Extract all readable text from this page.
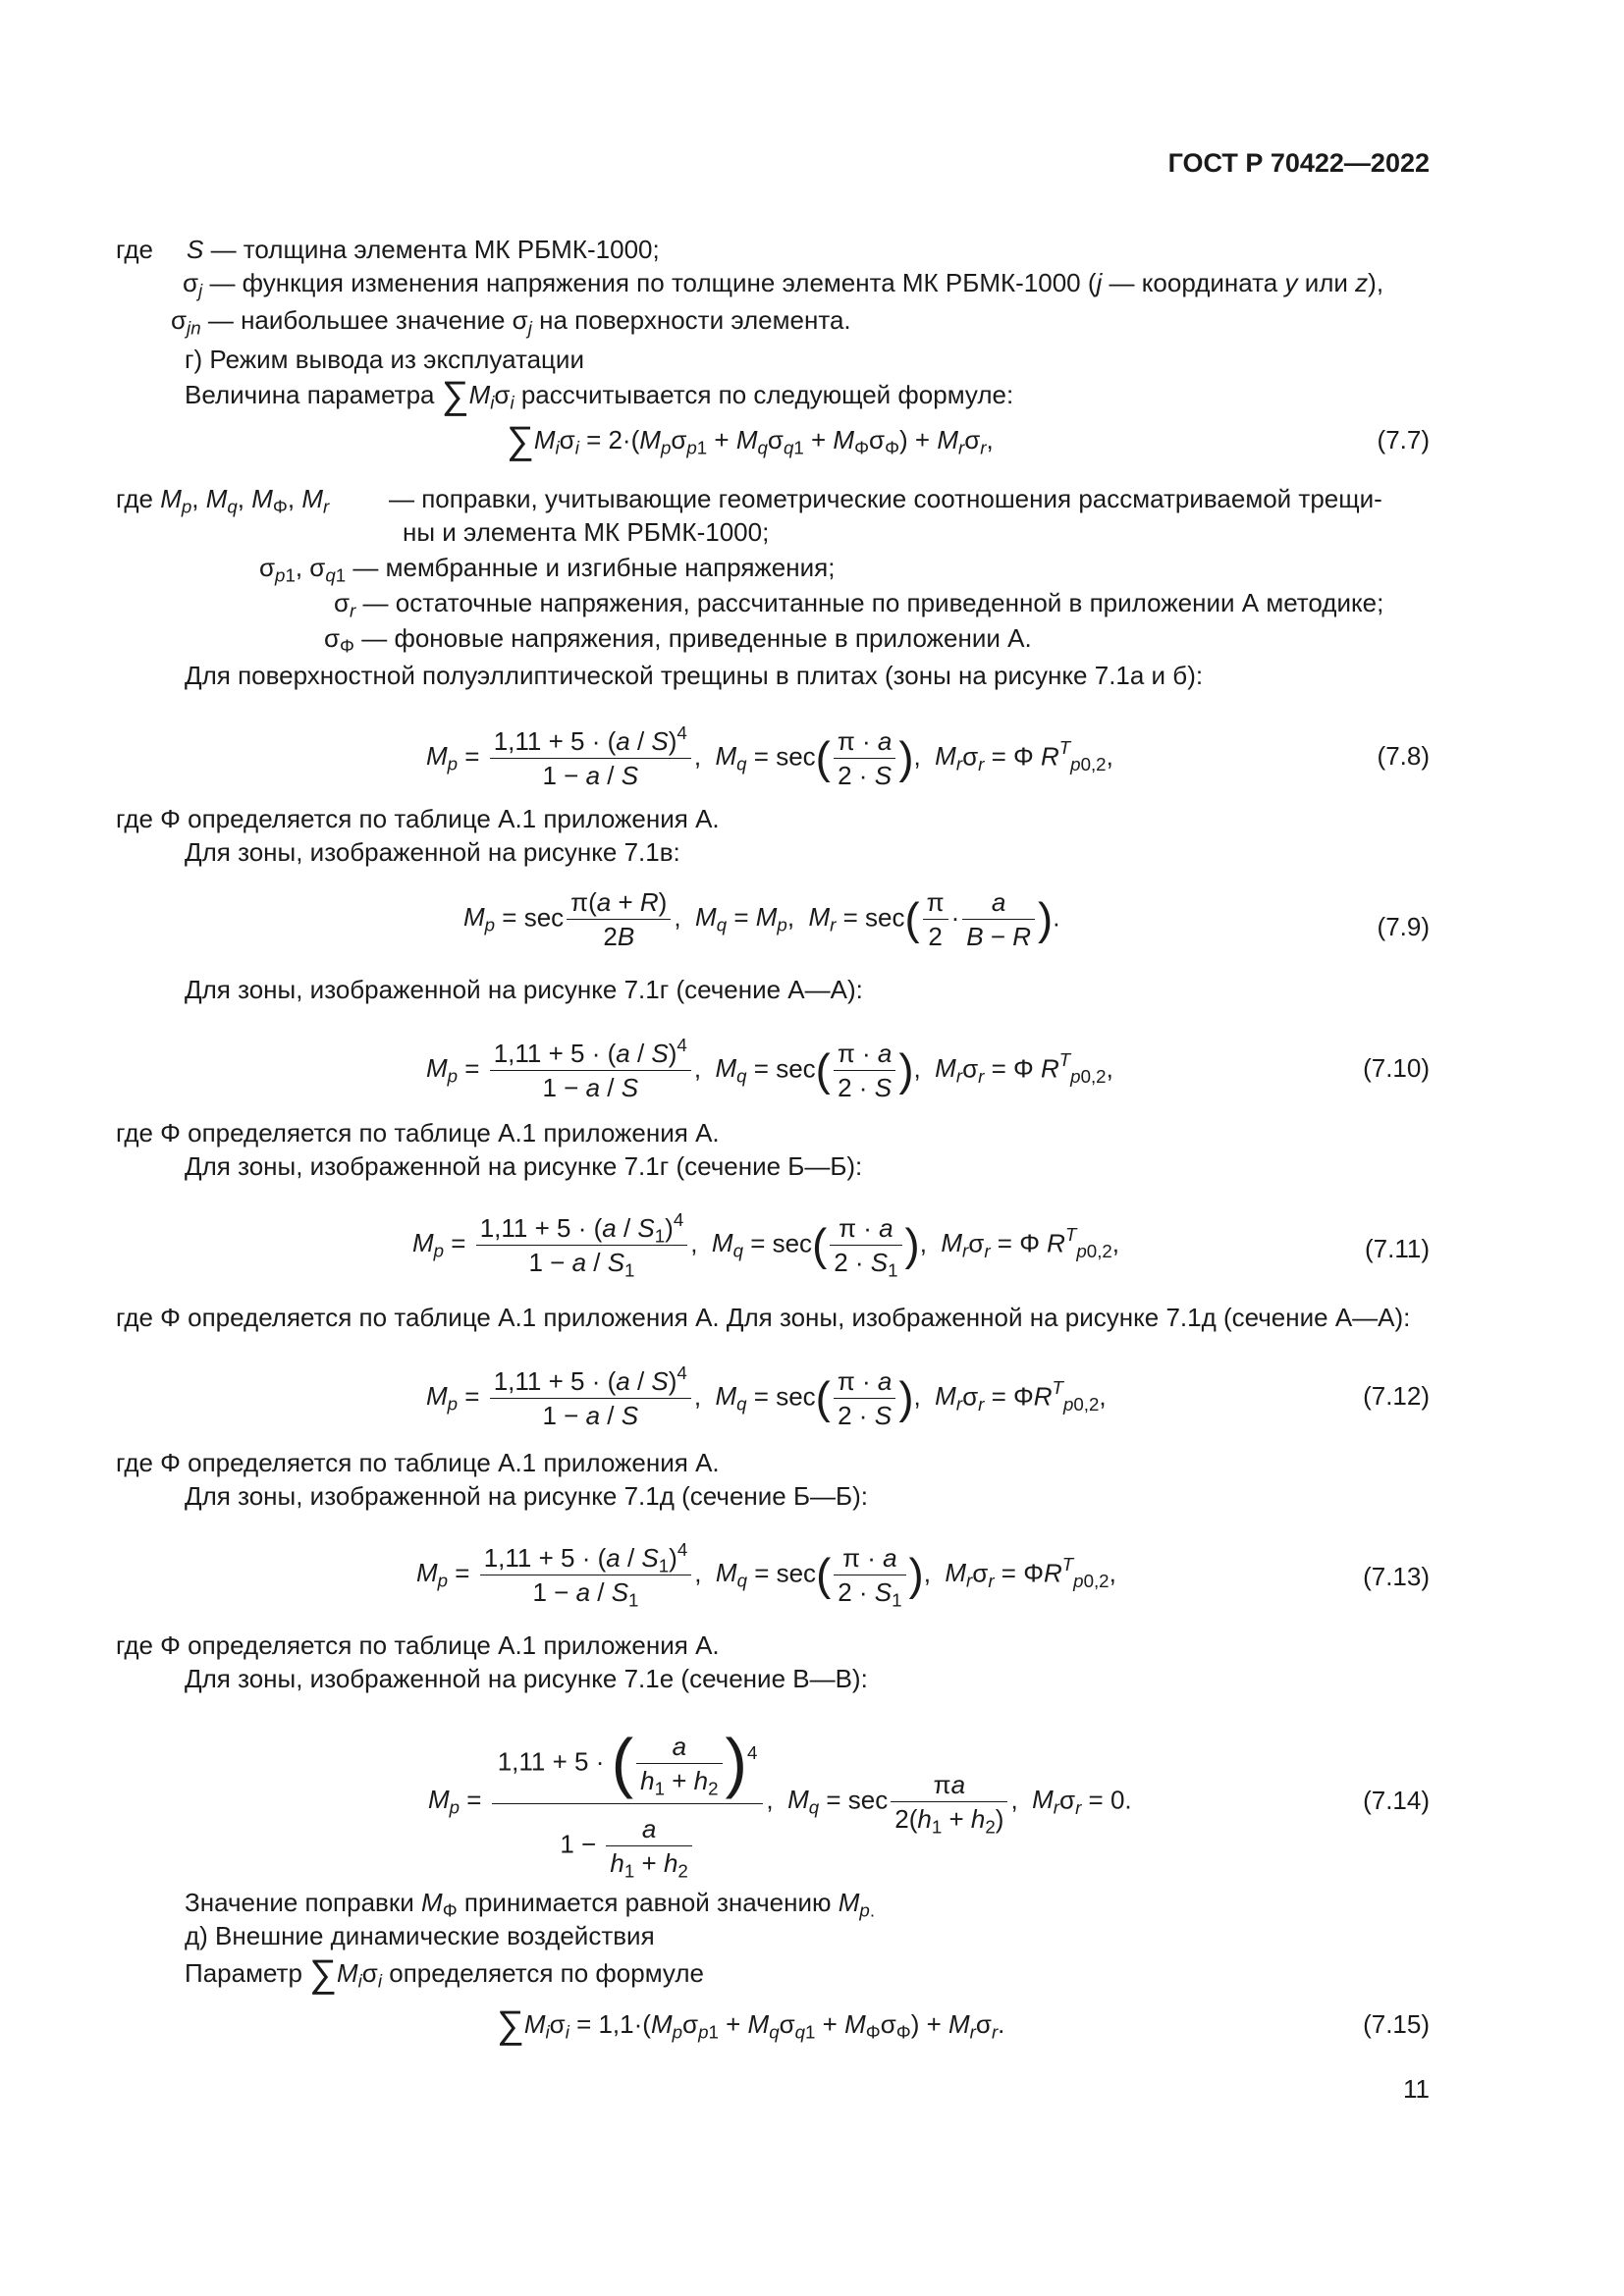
ГОСТ Р 70422—2022
где S — толщина элемента МК РБМК-1000;
$\sigma_j$ — функция изменения напряжения по толщине элемента МК РБМК-1000 (j — координата y или z),
$\sigma_{jn}$ — наибольшее значение $\sigma_j$ на поверхности элемента.
г) Режим вывода из эксплуатации
Величина параметра $\sum M_i\sigma_i$ рассчитывается по следующей формуле:
$\sum M_i\sigma_i = 2\cdot(M_p\sigma_{p1} + M_q\sigma_{q1} + M_\Phi\sigma_\Phi) + M_r\sigma_r$,	(7.7)
где $M_p$, $M_q$, $M_\Phi$, $M_r$ — поправки, учитывающие геометрические соотношения рассматриваемой трещи-
ны и элемента МК РБМК-1000;
$\sigma_{p1}$, $\sigma_{q1}$ — мембранные и изгибные напряжения;
$\sigma_r$ — остаточные напряжения, рассчитанные по приведенной в приложении А методике;
$\sigma_\Phi$ — фоновые напряжения, приведенные в приложении А.
Для поверхностной полуэллиптической трещины в плитах (зоны на рисунке 7.1а и б):
$M_p = \frac{1,11 + 5 \cdot (a / S)^4}{1 - a / S}$ ,  $M_q = \sec( \frac{\pi \cdot a}{2 \cdot S}$ ),  $M_r\sigma_r = \Phi$ $R^T_{p0,2}$,	(7.8)
где Φ определяется по таблице А.1 приложения А.
Для зоны, изображенной на рисунке 7.1в:
$M_p = \sec \frac{\pi(a + R)}{2B}$ ,  $M_q = M_p$,  $M_r = \sec( \frac{\pi}{2} \cdot \frac{a}{B - R}$ ).	(7.9)
Для зоны, изображенной на рисунке 7.1г (сечение А—А):
$M_p = \frac{1,11 + 5 \cdot (a / S)^4}{1 - a / S}$ ,  $M_q = \sec( \frac{\pi \cdot a}{2 \cdot S}$ ),  $M_r\sigma_r = \Phi$ $R^T_{p0,2}$,	(7.10)
где Φ определяется по таблице А.1 приложения А.
Для зоны, изображенной на рисунке 7.1г (сечение Б—Б):
$M_p = \frac{1,11 + 5 \cdot (a / S_1)^4}{1 - a / S_1}$ ,  $M_q = \sec( \frac{\pi \cdot a}{2 \cdot S_1}$ ),  $M_r\sigma_r = \Phi$ $R^T_{p0,2}$,	(7.11)
где Φ определяется по таблице А.1 приложения А. Для зоны, изображенной на рисунке 7.1д (сечение А—А):
$M_p = \frac{1,11 + 5 \cdot (a / S)^4}{1 - a / S}$ ,  $M_q = \sec( \frac{\pi \cdot a}{2 \cdot S}$ ),  $M_r\sigma_r = \Phi R^T_{p0,2}$,	(7.12)
где Φ определяется по таблице А.1 приложения А.
Для зоны, изображенной на рисунке 7.1д (сечение Б—Б):
$M_p = \frac{1,11 + 5 \cdot (a / S_1)^4}{1 - a / S_1}$ ,  $M_q = \sec( \frac{\pi \cdot a}{2 \cdot S_1}$ ),  $M_r\sigma_r = \Phi R^T_{p0,2}$,	(7.13)
где Φ определяется по таблице А.1 приложения А.
Для зоны, изображенной на рисунке 7.1е (сечение В—В):
$M_p = \frac{1,11 + 5 \cdot ( \frac{a}{h_1 + h_2} )^4}{1 - \frac{a}{h_1 + h_2}}$ ,  $M_q = \sec \frac{\pi a}{2(h_1 + h_2)}$ ,  $M_r\sigma_r = 0$.	(7.14)
Значение поправки $M_\Phi$ принимается равной значению $M_{p.}$
д) Внешние динамические воздействия
Параметр $\sum M_i\sigma_i$ определяется по формуле
$\sum M_i\sigma_i = 1,1\cdot(M_p\sigma_{p1} + M_q\sigma_{q1} + M_\Phi\sigma_\Phi) + M_r\sigma_r$.	(7.15)
11
